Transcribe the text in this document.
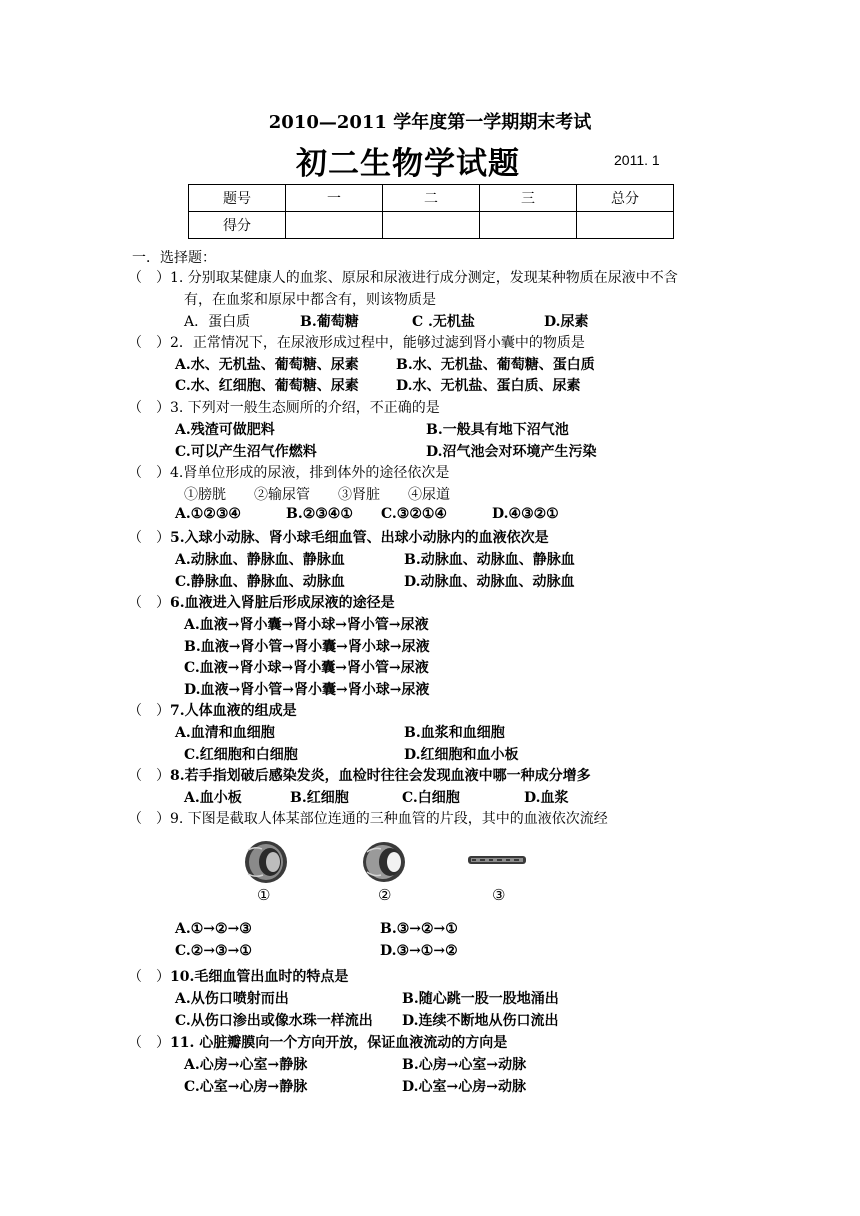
2010—2011 学年度第一学期期末考试
初二生物学试题	2011. 1
题号	一	二	三	总分
得分				
一．选择题：
（　）1. 分别取某健康人的血浆、原尿和尿液进行成分测定，发现某种物质在尿液中不含
有，在血浆和原尿中都含有，则该物质是
A．蛋白质	B.葡萄糖	C .无机盐	D.尿素
（　）2．正常情况下，在尿液形成过程中，能够过滤到肾小囊中的物质是
A.水、无机盐、葡萄糖、尿素	B.水、无机盐、葡萄糖、蛋白质
C.水、红细胞、葡萄糖、尿素	D.水、无机盐、蛋白质、尿素
（　）3. 下列对一般生态厕所的介绍，不正确的是
A.残渣可做肥料	B.一般具有地下沼气池
C.可以产生沼气作燃料	D.沼气池会对环境产生污染
（　）4.肾单位形成的尿液，排到体外的途径依次是
①膀胱　　②输尿管　　③肾脏　　④尿道
A.①②③④	B.②③④① C.③②①④	D.④③②①
（　）5.入球小动脉、肾小球毛细血管、出球小动脉内的血液依次是
A.动脉血、静脉血、静脉血	B.动脉血、动脉血、静脉血
C.静脉血、静脉血、动脉血	D.动脉血、动脉血、动脉血
（　）6.血液进入肾脏后形成尿液的途径是
A.血液→肾小囊→肾小球→肾小管→尿液
B.血液→肾小管→肾小囊→肾小球→尿液
C.血液→肾小球→肾小囊→肾小管→尿液
D.血液→肾小管→肾小囊→肾小球→尿液
（　）7.人体血液的组成是
A.血清和血细胞	B.血浆和血细胞
C.红细胞和白细胞	D.红细胞和血小板
（　）8.若手指划破后感染发炎，血检时往往会发现血液中哪一种成分增多
A.血小板	B.红细胞	C.白细胞	D.血浆
（　）9. 下图是截取人体某部位连通的三种血管的片段，其中的血液依次流经
①	②	③
A.①→②→③	B.③→②→①
C.②→③→①	D.③→①→②
（　）10.毛细血管出血时的特点是
A.从伤口喷射而出	B.随心跳一股一股地涌出
C.从伤口渗出或像水珠一样流出 D.连续不断地从伤口流出
（　）11. 心脏瓣膜向一个方向开放，保证血液流动的方向是
A.心房→心室→静脉	B.心房→心室→动脉
C.心室→心房→静脉	D.心室→心房→动脉
